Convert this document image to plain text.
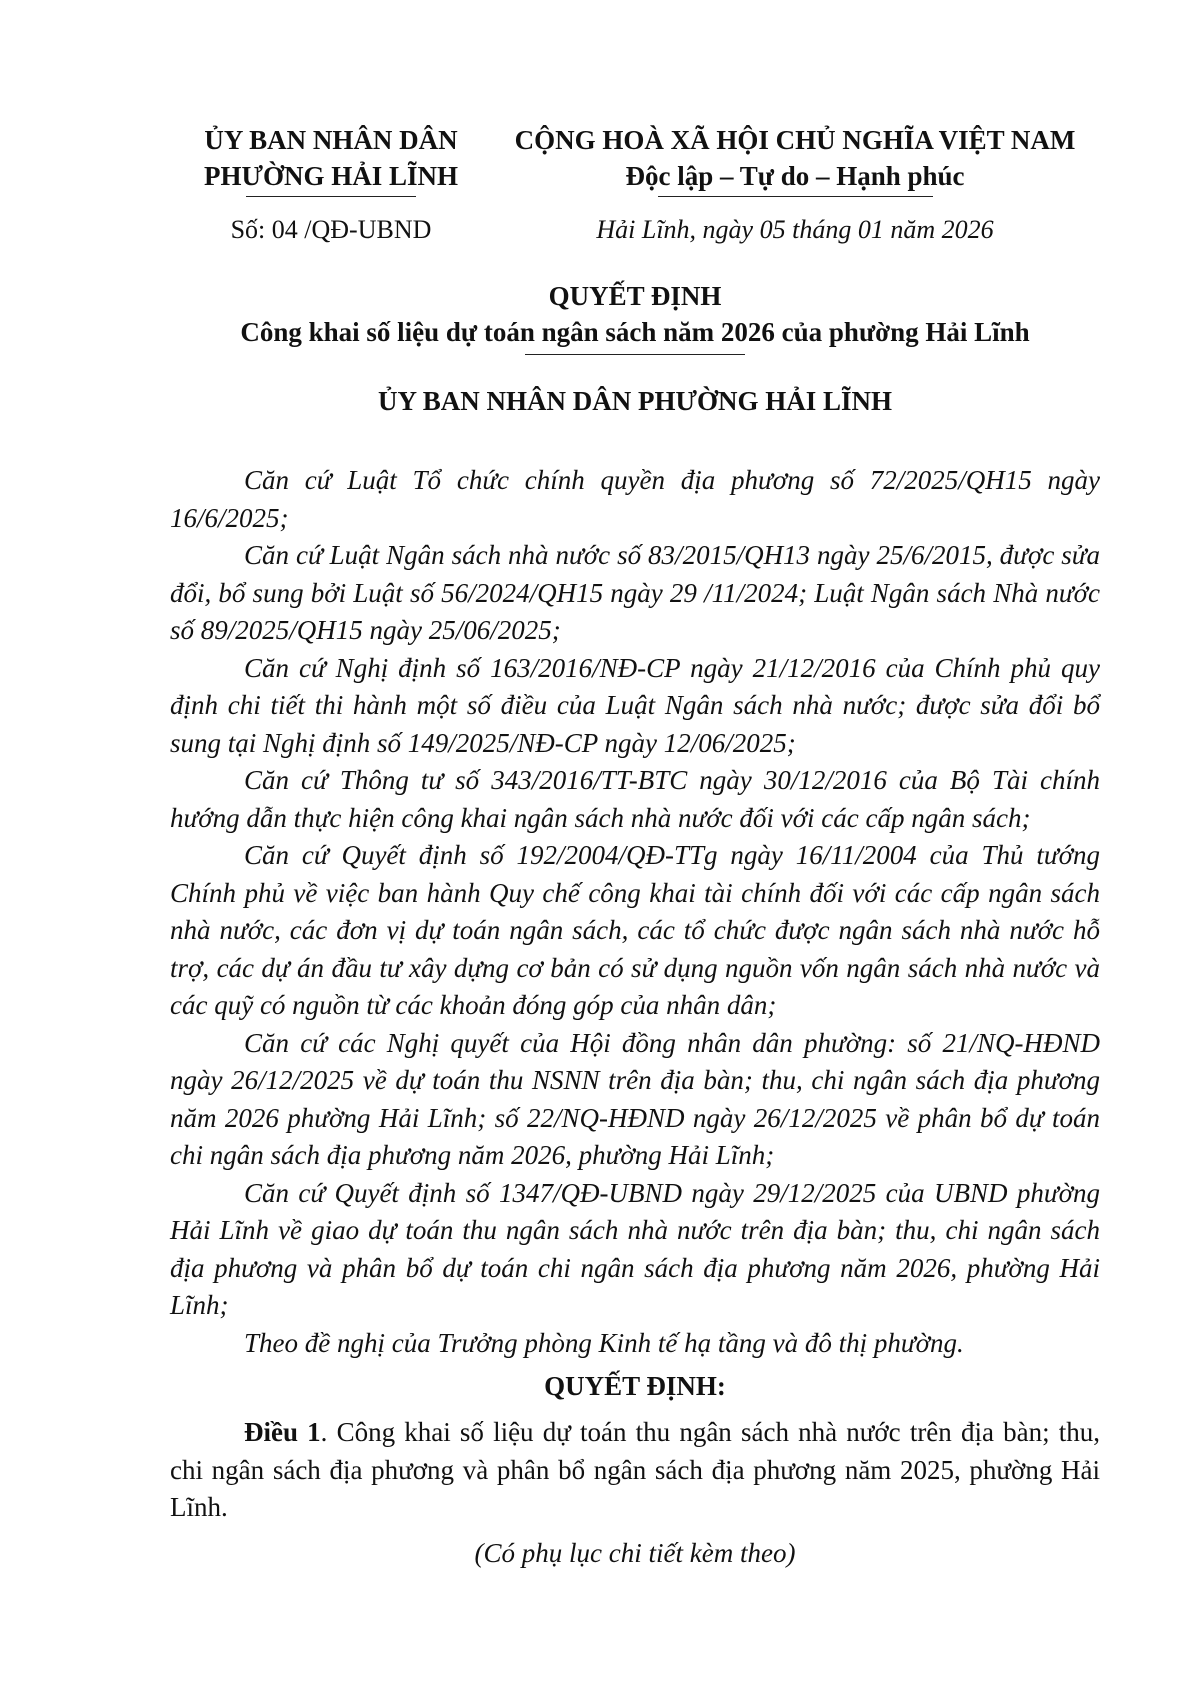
ỦY BAN NHÂN DÂN
PHƯỜNG HẢI LĨNH
Số: 04 /QĐ-UBND
CỘNG HOÀ XÃ HỘI CHỦ NGHĨA VIỆT NAM
Độc lập – Tự do – Hạnh phúc
Hải Lĩnh, ngày 05 tháng 01 năm 2026
QUYẾT ĐỊNH
Công khai số liệu dự toán ngân sách năm 2026 của phường Hải Lĩnh
ỦY BAN NHÂN DÂN PHƯỜNG HẢI LĨNH

Căn cứ Luật Tổ chức chính quyền địa phương số 72/2025/QH15 ngày 16/6/2025;

Căn cứ Luật Ngân sách nhà nước số 83/2015/QH13 ngày 25/6/2015, được sửa đổi, bổ sung bởi Luật số 56/2024/QH15 ngày 29 /11/2024; Luật Ngân sách Nhà nước số 89/2025/QH15 ngày 25/06/2025;

Căn cứ Nghị định số 163/2016/NĐ-CP ngày 21/12/2016 của Chính phủ quy định chi tiết thi hành một số điều của Luật Ngân sách nhà nước; được sửa đổi bổ sung tại Nghị định số 149/2025/NĐ-CP ngày 12/06/2025;

Căn cứ Thông tư số 343/2016/TT-BTC ngày 30/12/2016 của Bộ Tài chính hướng dẫn thực hiện công khai ngân sách nhà nước đối với các cấp ngân sách;

Căn cứ Quyết định số 192/2004/QĐ-TTg ngày 16/11/2004 của Thủ tướng Chính phủ về việc ban hành Quy chế công khai tài chính đối với các cấp ngân sách nhà nước, các đơn vị dự toán ngân sách, các tổ chức được ngân sách nhà nước hỗ trợ, các dự án đầu tư xây dựng cơ bản có sử dụng nguồn vốn ngân sách nhà nước và các quỹ có nguồn từ các khoản đóng góp của nhân dân;

Căn cứ các Nghị quyết của Hội đồng nhân dân phường: số 21/NQ-HĐND ngày 26/12/2025 về dự toán thu NSNN trên địa bàn; thu, chi ngân sách địa phương năm 2026 phường Hải Lĩnh; số 22/NQ-HĐND ngày 26/12/2025 về phân bổ dự toán chi ngân sách địa phương năm 2026, phường Hải Lĩnh;

Căn cứ Quyết định số 1347/QĐ-UBND ngày 29/12/2025 của UBND phường Hải Lĩnh về giao dự toán thu ngân sách nhà nước trên địa bàn; thu, chi ngân sách địa phương và phân bổ dự toán chi ngân sách địa phương năm 2026, phường Hải Lĩnh;

Theo đề nghị của Trưởng phòng Kinh tế hạ tầng và đô thị phường.

QUYẾT ĐỊNH:

Điều 1. Công khai số liệu dự toán thu ngân sách nhà nước trên địa bàn; thu, chi ngân sách địa phương và phân bổ ngân sách địa phương năm 2025, phường Hải Lĩnh.

(Có phụ lục chi tiết kèm theo)
